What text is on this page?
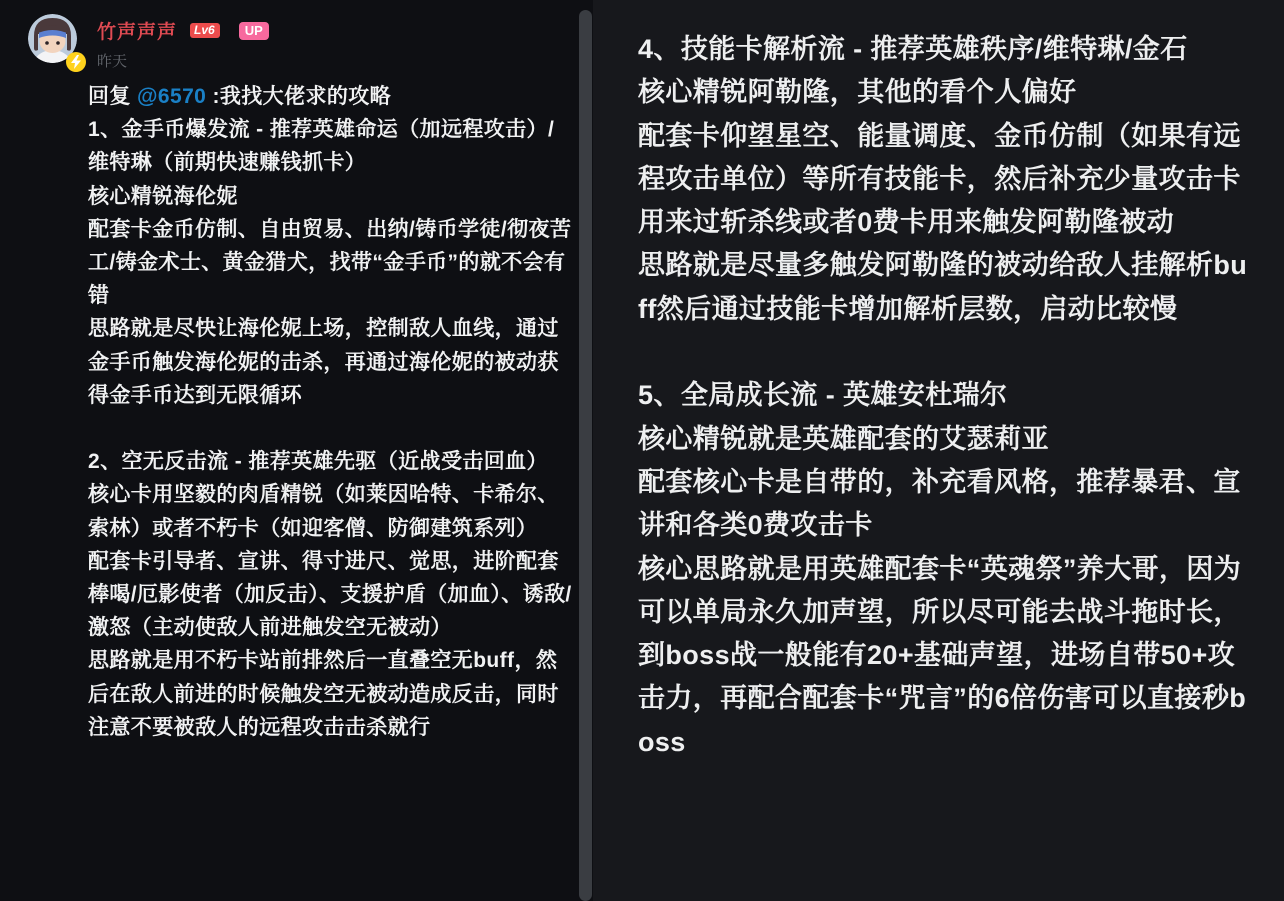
竹声声声	Lv6	UP
昨天

回复 @6570 :我找大佬求的攻略

1、金手币爆发流 - 推荐英雄命运（加远程攻击）/维特琳（前期快速赚钱抓卡）

核心精锐海伦妮

配套卡金币仿制、自由贸易、出纳/铸币学徒/彻夜苦工/铸金术士、黄金猎犬，找带“金手币”的就不会有错

思路就是尽快让海伦妮上场，控制敌人血线，通过金手币触发海伦妮的击杀，再通过海伦妮的被动获得金手币达到无限循环

2、空无反击流 - 推荐英雄先驱（近战受击回血）

核心卡用坚毅的肉盾精锐（如莱因哈特、卡希尔、索林）或者不朽卡（如迎客僧、防御建筑系列）

配套卡引导者、宣讲、得寸进尺、觉思，进阶配套棒喝/厄影使者（加反击）、支援护盾（加血）、诱敌/激怒（主动使敌人前进触发空无被动）

思路就是用不朽卡站前排然后一直叠空无buff，然后在敌人前进的时候触发空无被动造成反击，同时注意不要被敌人的远程攻击击杀就行

4、技能卡解析流 - 推荐英雄秩序/维特琳/金石

核心精锐阿勒隆，其他的看个人偏好

配套卡仰望星空、能量调度、金币仿制（如果有远程攻击单位）等所有技能卡，然后补充少量攻击卡用来过斩杀线或者0费卡用来触发阿勒隆被动

思路就是尽量多触发阿勒隆的被动给敌人挂解析buff然后通过技能卡增加解析层数，启动比较慢

5、全局成长流 - 英雄安杜瑞尔

核心精锐就是英雄配套的艾瑟莉亚

配套核心卡是自带的，补充看风格，推荐暴君、宣讲和各类0费攻击卡

核心思路就是用英雄配套卡“英魂祭”养大哥，因为可以单局永久加声望，所以尽可能去战斗拖时长，到boss战一般能有20+基础声望，进场自带50+攻击力，再配合配套卡“咒言”的6倍伤害可以直接秒boss
